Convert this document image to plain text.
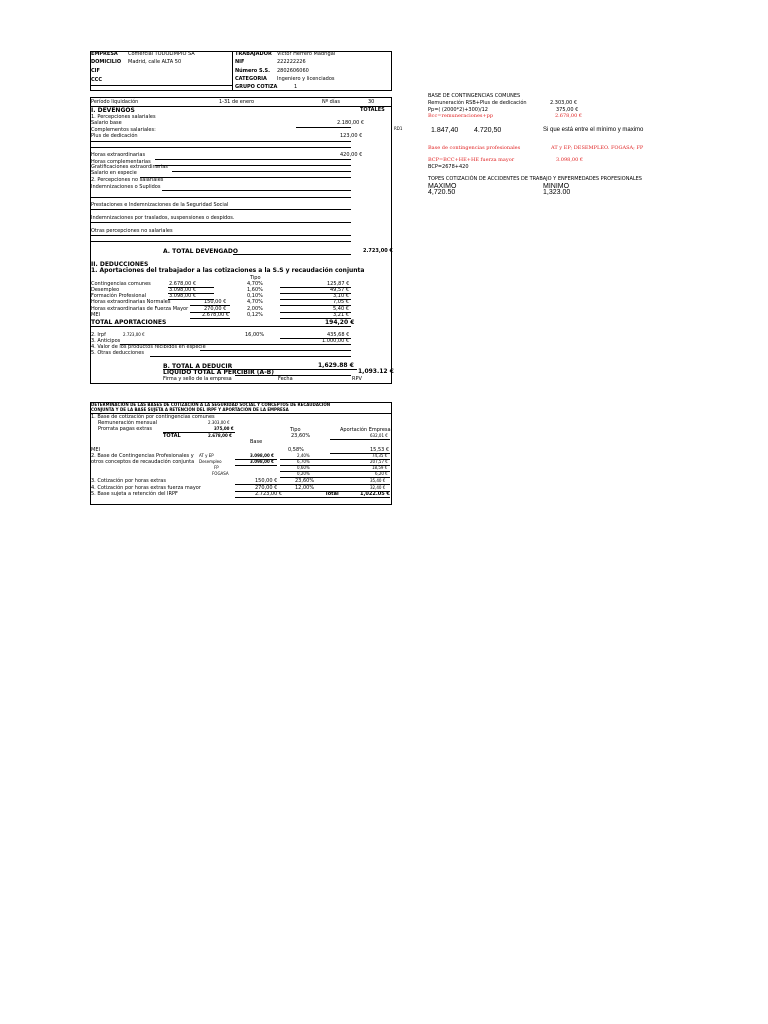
EMPRESA Comercial TODOLIMPIO SA
DOMICILIO Madrid, calle ALTA 50
CIF
CCC
TRABAJADOR Victor Herrero Madrigal
NIF	222222226
Número S.S. 2802606060
CATEGORIA Ingeniero y licenciados
GRUPO COTIZA	1
Período liquidación	1-31 de enero	Nº días	30
I. DEVENGOS	TOTALES
1. Percepciones salariales
Salario base	2.180,00 €
Complementos salariales:
Plus de dedicación	123,00 €
Horas extraordinarias	420,00 €
Horas complementarias
Gratificaciones extraordinarias
Salario en especie
2. Percepciones no salariales
Indemnizaciones o Suplidos
Prestaciones e Indemnizaciones de la Seguridad Social
Indemnizaciones por traslados, suspensiones o despidos.
Otras percepciones no salariales
A. TOTAL DEVENGADO	2.723,00 €
II. DEDUCCIONES
1. Aportaciones del trabajador a las cotizaciones a la S.S y recaudación conjunta
Tipo
Contingencias comunes	2.678,00 €	4,70%	125,87 €
Desempleo	3.098,00 €	1,60%	49,57 €
Formación Profesional	3.098,00 €	0,10%	3,10 €
Horas extraordinarias Normales	150,00 €	4,70%	7,05 €
Horas extraordinarias de Fuerza Mayor	270,00 €	2,00%	5,40 €
MEI	2.678,00 €	0,12%	3,21 €
TOTAL APORTACIONES	194,20 €
2. Irpf	2.723,00 €	16,00%	435,68 €
3. Anticipos	1.000,00 €
4. Valor de los productos recibidos en especie
5. Otras deducciones
B. TOTAL A DEDUCIR	1,629.88 €
LIQUIDO TOTAL A PERCIBIR (A-B)	1,093.12 €
Firma y sello de la empresa	Fecha	RPV
DETERMINACIÓN DE LAS BASES DE COTIZACIÓN A LA SEGURIDAD SOCIAL Y CONCEPTOS DE RECAUDACIÓN
CONJUNTA Y DE LA BASE SUJETA A RETENCIÓN DEL IRPF Y APORTACIÓN DE LA EMPRESA
1. Base de cotización por contingencias comunes
Remuneración mensual	2.303,00 €
Prorrata pagas extras	375,00 €
TOTAL	2.678,00 €
Base
Tipo	Aportación Empresa
23,60%	632,01 €
MEI	0,58%	15,53 €
2. Base de Contingencias Profesionales y
otros conceptos de recaudación conjunta
AT y EP	3.098,00 €	2,40%	74,35 €
Desempleo	3.098,00 €	6,70%	207,57 €
FP	0,60%	18,59 €
FOGASA	0,20%	6,20 €
3. Cotización por horas extras	150,00 €	23,60%	35,40 €
4. Cotización por horas extras fuerza mayor	270,00 €	12,00%	32,40 €
5. Base sujeta a retención del IRPF	2.723,00 €	Total	1,022.05 €
BASE DE CONTINGENCIAS COMUNES
Remuneración RSB+Plus de dedicación	2.303,00 €
Pp=( (2000*2)+300)/12	375,00 €
Bcc=remuneraciones+pp	2.678,00 €
RD1	1.847,40 4.720,50	Si que está entre el mínimo y maximo
Base de contingencias profesionales	AT y EP; DESEMPLEO. FOGASA; FP
BCP=BCC+HE+HE fuerza mayor	3.098,00 €
BCP=2678+420
TOPES COTIZACIÓN DE ACCIDENTES DE TRABAJO Y ENFERMEDADES PROFESIONALES
MAXIMO	MINIMO
4,720.50	1,323.00
